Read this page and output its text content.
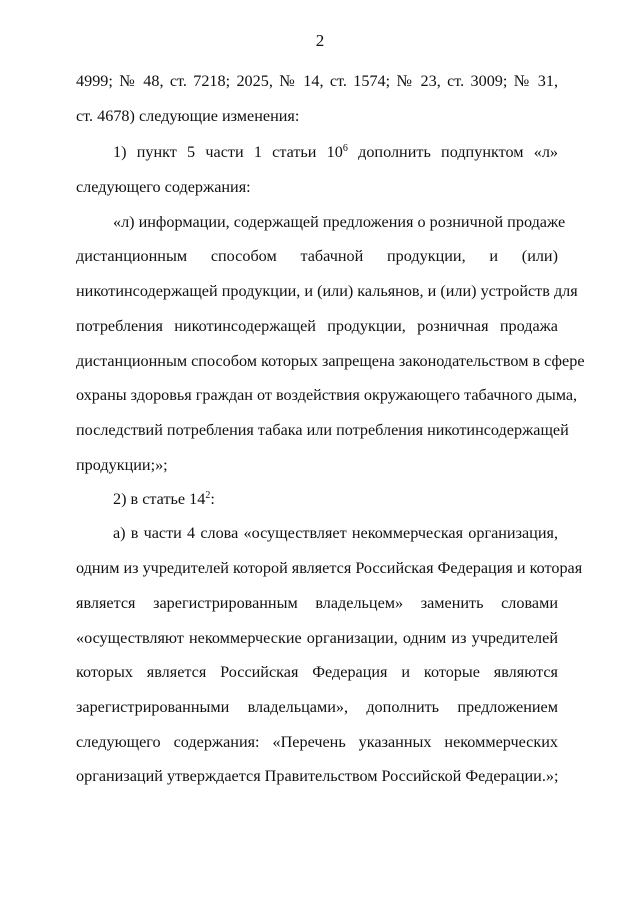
2
4999; № 48, ст. 7218; 2025, № 14, ст. 1574; № 23, ст. 3009; № 31,
ст. 4678) следующие изменения:
1) пункт 5 части 1 статьи $10^6$ дополнить подпунктом «л»
следующего содержания:
«л) информации, содержащей предложения о розничной продаже
дистанционным способом табачной продукции, и (или)
никотинсодержащей продукции, и (или) кальянов, и (или) устройств для
потребления никотинсодержащей продукции, розничная продажа
дистанционным способом которых запрещена законодательством в сфере
охраны здоровья граждан от воздействия окружающего табачного дыма,
последствий потребления табака или потребления никотинсодержащей
продукции;»;
2) в статье $14^2$:
а) в части 4 слова «осуществляет некоммерческая организация,
одним из учредителей которой является Российская Федерация и которая
является зарегистрированным владельцем» заменить словами
«осуществляют некоммерческие организации, одним из учредителей
которых является Российская Федерация и которые являются
зарегистрированными владельцами», дополнить предложением
следующего содержания: «Перечень указанных некоммерческих
организаций утверждается Правительством Российской Федерации.»;
